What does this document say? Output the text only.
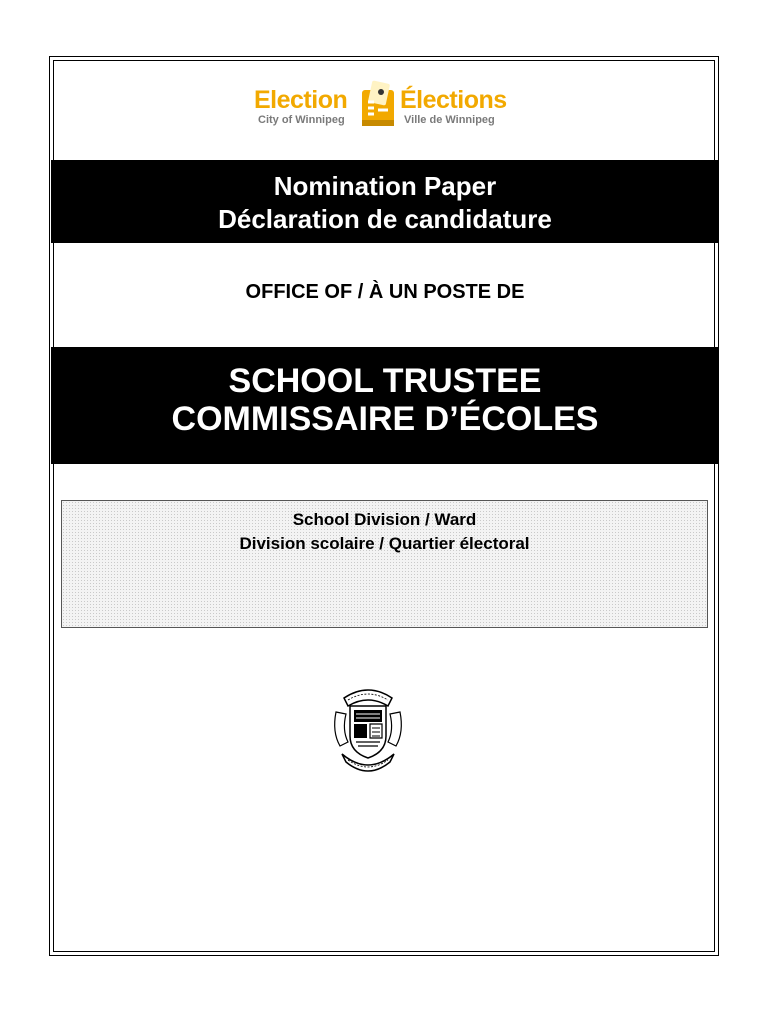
Election
City of Winnipeg
Élections
Ville de Winnipeg
Nomination Paper
Déclaration de candidature
OFFICE OF / À UN POSTE DE
SCHOOL TRUSTEE
COMMISSAIRE D’ÉCOLES
School Division / Ward
Division scolaire / Quartier électoral
